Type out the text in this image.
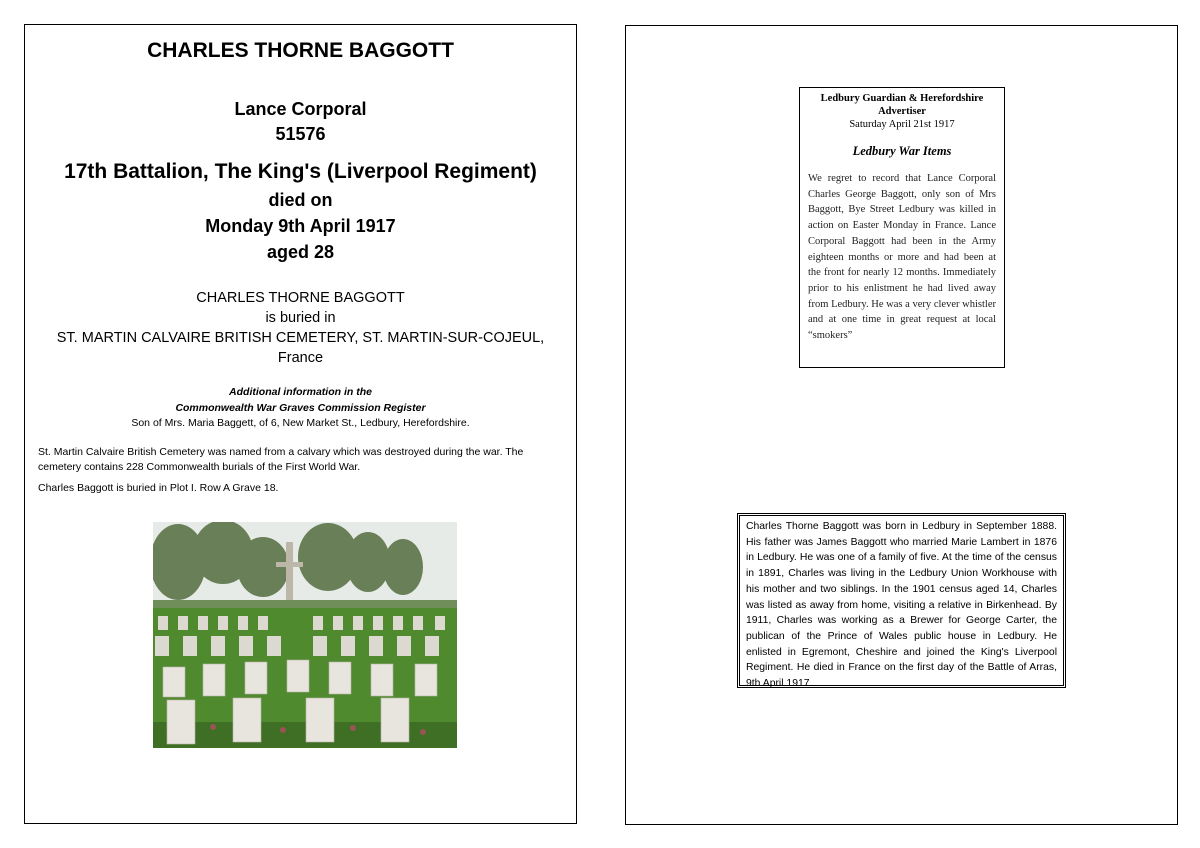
CHARLES THORNE BAGGOTT
Lance Corporal
51576
17th Battalion, The King's (Liverpool Regiment)
died on
Monday 9th April 1917
aged 28
CHARLES THORNE BAGGOTT
is buried in
ST. MARTIN CALVAIRE BRITISH CEMETERY, ST. MARTIN-SUR-COJEUL,
France
Additional information in the
Commonwealth War Graves Commission Register
Son of Mrs. Maria Baggett, of 6, New Market St., Ledbury, Herefordshire.
St. Martin Calvaire British Cemetery was named from a calvary which was destroyed during the war. The cemetery contains 228 Commonwealth burials of the First World War.
Charles Baggott is buried in Plot I. Row A Grave 18.
Ledbury Guardian & Herefordshire Advertiser
Saturday April 21st 1917
Ledbury War Items
We regret to record that Lance Corporal Charles George Baggott, only son of Mrs Baggott, Bye Street Ledbury was killed in action on Easter Monday in France. Lance Corporal Baggott had been in the Army eighteen months or more and had been at the front for nearly 12 months. Immediately prior to his enlistment he had lived away from Ledbury. He was a very clever whistler and at one time in great request at local “smokers”
Charles Thorne Baggott was born in Ledbury in September 1888. His father was James Baggott who married Marie Lambert in 1876 in Ledbury. He was one of a family of five. At the time of the census in 1891, Charles was living in the Ledbury Union Workhouse with his mother and two siblings. In the 1901 census aged 14, Charles was listed as away from home, visiting a relative in Birkenhead. By 1911, Charles was working as a Brewer for George Carter, the publican of the Prince of Wales public house in Ledbury. He enlisted in Egremont, Cheshire and joined the King's Liverpool Regiment. He died in France on the first day of the Battle of Arras, 9th April 1917.
